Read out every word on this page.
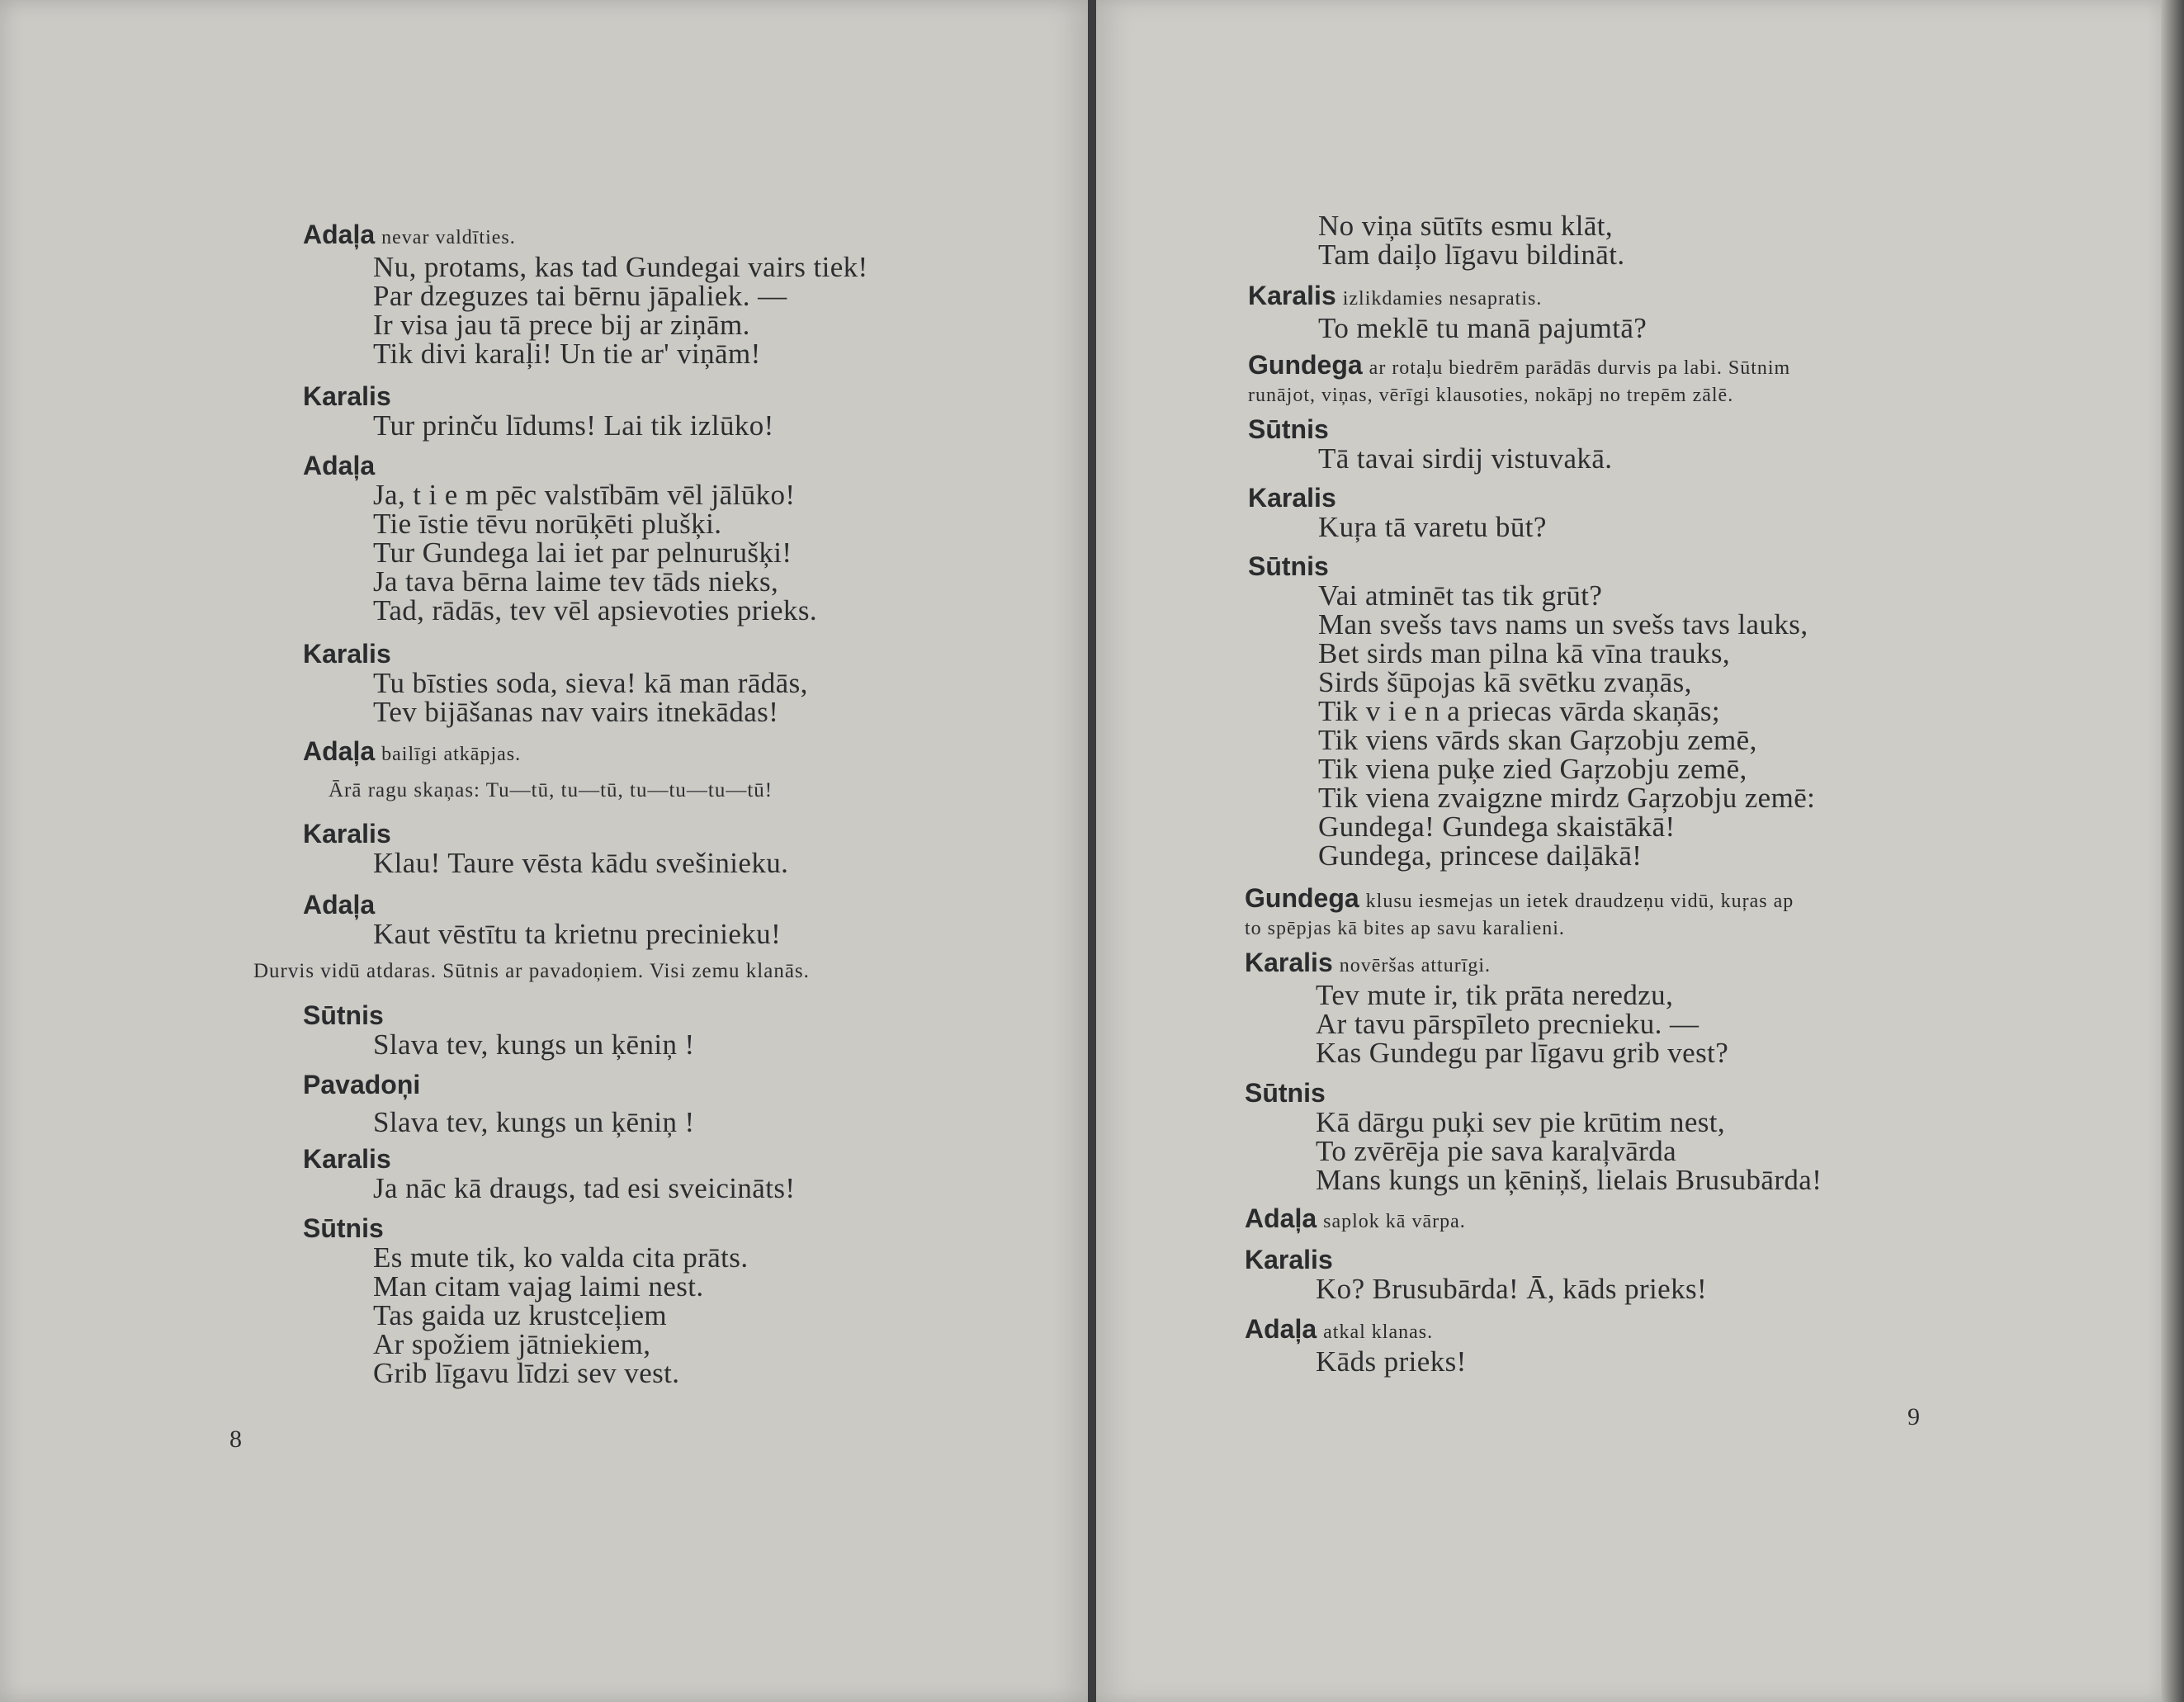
Adaļa nevar valdīties.
Nu, protams, kas tad Gundegai vairs tiek!
Par dzeguzes tai bērnu jāpaliek. —
Ir visa jau tā prece bij ar ziņām.
Tik divi karaļi! Un tie ar' viņām!
Karalis
Tur prinču līdums! Lai tik izlūko!
Adaļa
Ja, t i e m pēc valstībām vēl jālūko!
Tie īstie tēvu norūķēti plušķi.
Tur Gundega lai iet par pelnurušķi!
Ja tava bērna laime tev tāds nieks,
Tad, rādās, tev vēl apsievoties prieks.
Karalis
Tu bīsties soda, sieva! kā man rādās,
Tev bijāšanas nav vairs itnekādas!
Adaļa bailīgi atkāpjas.
Ārā ragu skaņas: Tu—tū, tu—tū, tu—tu—tu—tū!
Karalis
Klau! Taure vēsta kādu svešinieku.
Adaļa
Kaut vēstītu ta krietnu precinieku!
Durvis vidū atdaras. Sūtnis ar pavadoņiem. Visi zemu klanās.
Sūtnis
Slava tev, kungs un ķēniņ !
Pavadoņi
Slava tev, kungs un ķēniņ !
Karalis
Ja nāc kā draugs, tad esi sveicināts!
Sūtnis
Es mute tik, ko valda cita prāts.
Man citam vajag laimi nest.
Tas gaida uz krustceļiem
Ar spožiem jātniekiem,
Grib līgavu līdzi sev vest.
8
No viņa sūtīts esmu klāt,
Tam daiļo līgavu bildināt.
Karalis izlikdamies nesapratis.
To meklē tu manā pajumtā?
Gundega ar rotaļu biedrēm parādās durvis pa labi. Sūtnim
runājot, viņas, vērīgi klausoties, nokāpj no trepēm zālē.
Sūtnis
Tā tavai sirdij vistuvakā.
Karalis
Kuŗa tā varetu būt?
Sūtnis
Vai atminēt tas tik grūt?
Man svešs tavs nams un svešs tavs lauks,
Bet sirds man pilna kā vīna trauks,
Sirds šūpojas kā svētku zvaņās,
Tik v i e n a priecas vārda skaņās;
Tik viens vārds skan Gaŗzobju zemē,
Tik viena puķe zied Gaŗzobju zemē,
Tik viena zvaigzne mirdz Gaŗzobju zemē:
Gundega! Gundega skaistākā!
Gundega, princese daiļākā!
Gundega klusu iesmejas un ietek draudzeņu vidū, kuŗas ap
to spēpjas kā bites ap savu karalieni.
Karalis novēršas atturīgi.
Tev mute ir, tik prāta neredzu,
Ar tavu pārspīleto precnieku. —
Kas Gundegu par līgavu grib vest?
Sūtnis
Kā dārgu puķi sev pie krūtim nest,
To zvērēja pie sava karaļvārda
Mans kungs un ķēniņš, lielais Brusubārda!
Adaļa saplok kā vārpa.
Karalis
Ko? Brusubārda! Ā, kāds prieks!
Adaļa atkal klanas.
Kāds prieks!
9
